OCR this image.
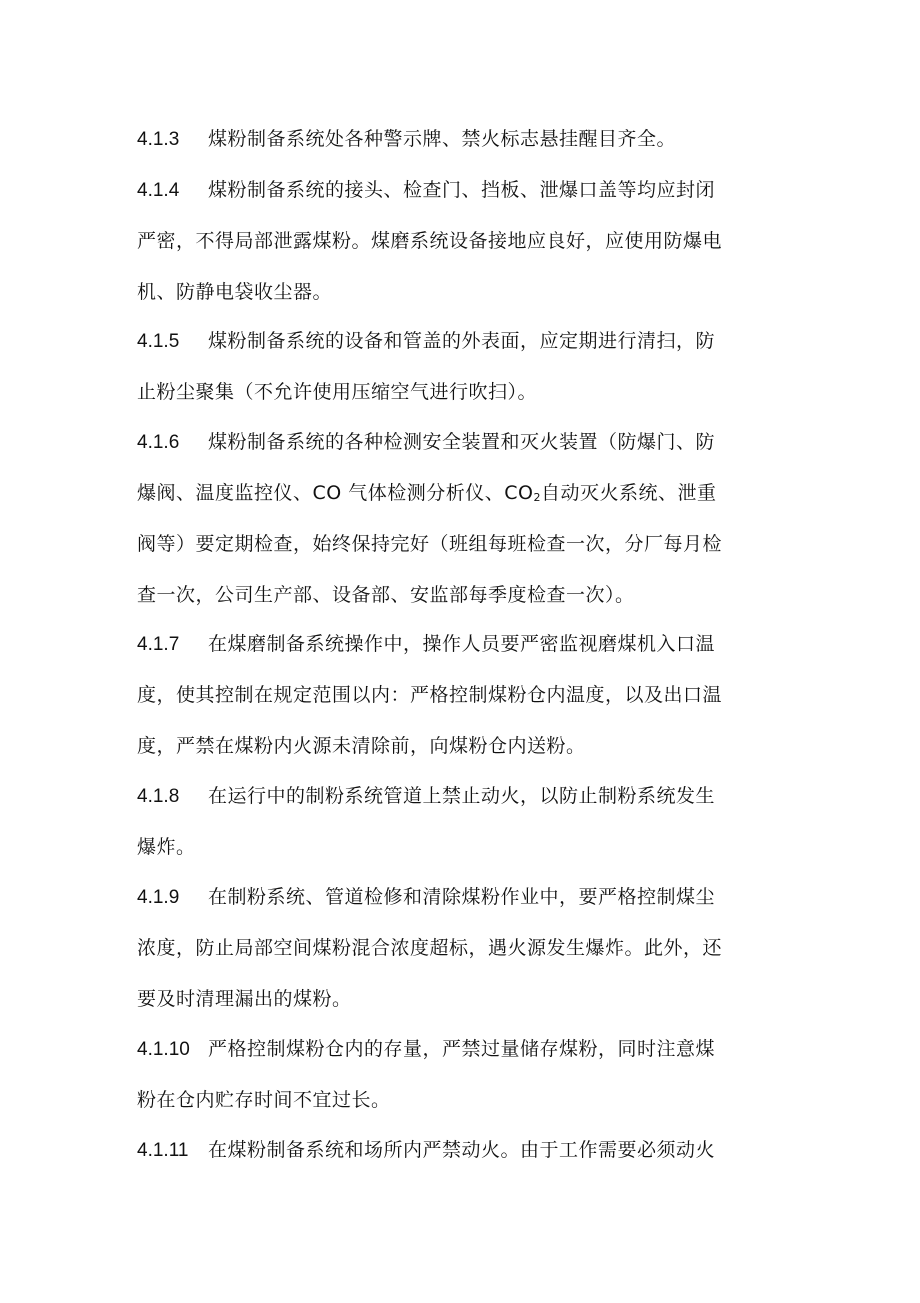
4.1.3 煤粉制备系统处各种警示牌、禁火标志悬挂醒目齐全。
4.1.4 煤粉制备系统的接头、检查门、挡板、泄爆口盖等均应封闭
严密，不得局部泄露煤粉。煤磨系统设备接地应良好，应使用防爆电
机、防静电袋收尘器。
4.1.5 煤粉制备系统的设备和管盖的外表面，应定期进行清扫，防
止粉尘聚集（不允许使用压缩空气进行吹扫）。
4.1.6 煤粉制备系统的各种检测安全装置和灭火装置（防爆门、防
爆阀、温度监控仪、CO 气体检测分析仪、$CO_2$自动灭火系统、泄重
阀等）要定期检查，始终保持完好（班组每班检查一次，分厂每月检
查一次，公司生产部、设备部、安监部每季度检查一次）。
4.1.7 在煤磨制备系统操作中，操作人员要严密监视磨煤机入口温
度，使其控制在规定范围以内：严格控制煤粉仓内温度，以及出口温
度，严禁在煤粉内火源未清除前，向煤粉仓内送粉。
4.1.8 在运行中的制粉系统管道上禁止动火，以防止制粉系统发生
爆炸。
4.1.9 在制粉系统、管道检修和清除煤粉作业中，要严格控制煤尘
浓度，防止局部空间煤粉混合浓度超标，遇火源发生爆炸。此外，还
要及时清理漏出的煤粉。
4.1.10 严格控制煤粉仓内的存量，严禁过量储存煤粉，同时注意煤
粉在仓内贮存时间不宜过长。
4.1.11 在煤粉制备系统和场所内严禁动火。由于工作需要必须动火
